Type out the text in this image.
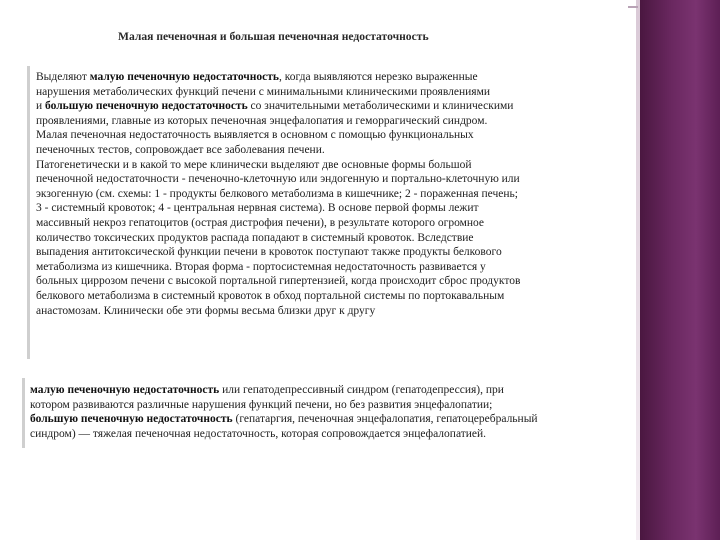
Малая печеночная и большая печеночная недостаточность
Выделяют малую печеночную недостаточность, когда выявляются нерезко выраженные
нарушения метаболических функций печени с минимальными клиническими проявлениями
и большую печеночную недостаточность со значительными метаболическими и клиническими
проявлениями, главные из которых печеночная энцефалопатия и геморрагический синдром.
Малая печеночная недостаточность выявляется в основном с помощью функциональных
печеночных тестов, сопровождает все заболевания печени.
Патогенетически и в какой то мере клинически выделяют две основные формы большой
печеночной недостаточности - печеночно-клеточную или эндогенную и портально-клеточную или
экзогенную (см. схемы: 1 - продукты белкового метаболизма в кишечнике; 2 - пораженная печень;
3 - системный кровоток; 4 - центральная нервная система). В основе первой формы лежит
массивный некроз гепатоцитов (острая дистрофия печени), в результате которого огромное
количество токсических продуктов распада попадают в системный кровоток. Вследствие
выпадения антитоксической функции печени в кровоток поступают также продукты белкового
метаболизма из кишечника. Вторая форма - портосистемная недостаточность развивается у
больных циррозом печени с высокой портальной гипертензией, когда происходит сброс продуктов
белкового метаболизма в системный кровоток в обход портальной системы по портокавальным
анастомозам. Клинически обе эти формы весьма близки друг к другу
малую печеночную недостаточность или гепатодепрессивный синдром (гепатодепрессия), при
котором развиваются различные нарушения функций печени, но без развития энцефалопатии;
большую печеночную недостаточность (гепатаргия, печеночная энцефалопатия, гепатоцеребральный
синдром) — тяжелая печеночная недостаточность, которая сопровождается энцефалопатией.
